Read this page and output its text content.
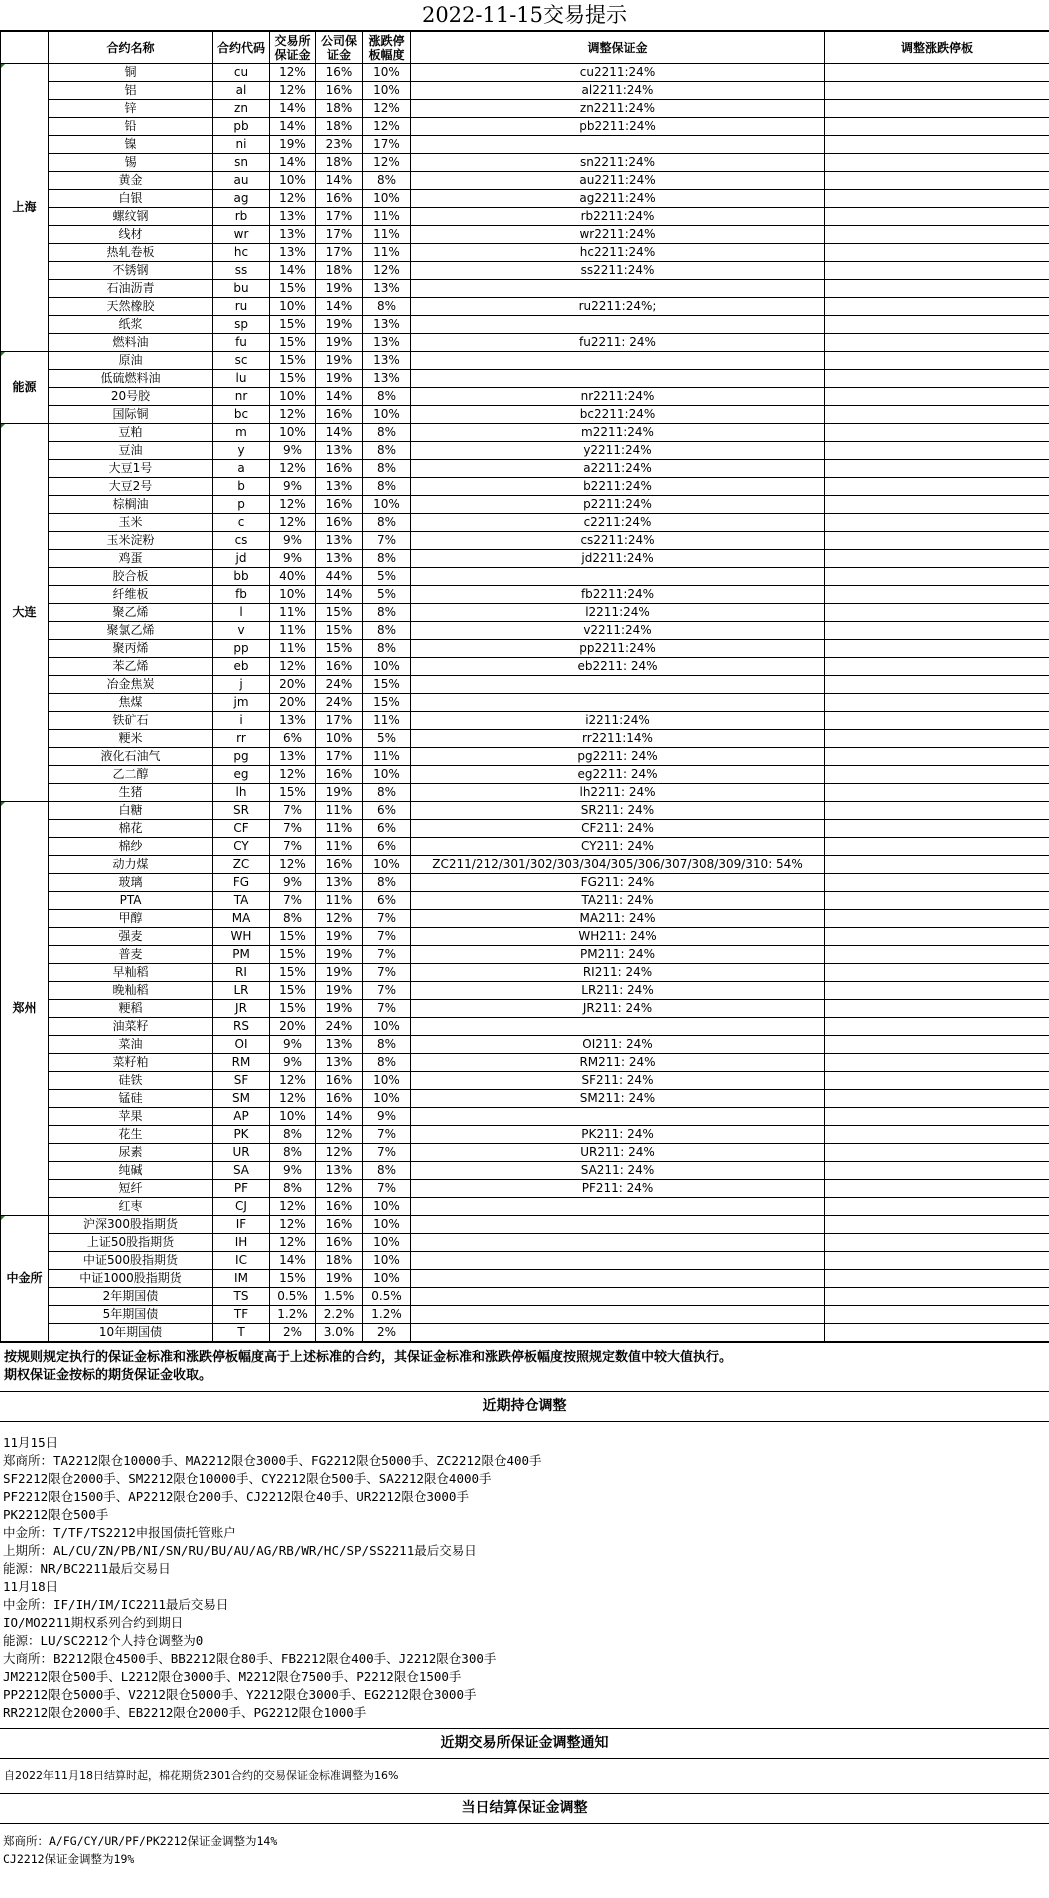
2022-11-15交易提示
	合约名称	合约代码	交易所保证金	公司保证金	涨跌停板幅度	调整保证金	调整涨跌停板
上海	铜	cu	12%	16%	10%	cu2211:24%	
	铝	al	12%	16%	10%	al2211:24%	
	锌	zn	14%	18%	12%	zn2211:24%	
	铅	pb	14%	18%	12%	pb2211:24%	
	镍	ni	19%	23%	17%		
	锡	sn	14%	18%	12%	sn2211:24%	
	黄金	au	10%	14%	8%	au2211:24%	
	白银	ag	12%	16%	10%	ag2211:24%	
	螺纹钢	rb	13%	17%	11%	rb2211:24%	
	线材	wr	13%	17%	11%	wr2211:24%	
	热轧卷板	hc	13%	17%	11%	hc2211:24%	
	不锈钢	ss	14%	18%	12%	ss2211:24%	
	石油沥青	bu	15%	19%	13%		
	天然橡胶	ru	10%	14%	8%	ru2211:24%;	
	纸浆	sp	15%	19%	13%		
	燃料油	fu	15%	19%	13%	fu2211: 24%	
能源	原油	sc	15%	19%	13%		
	低硫燃料油	lu	15%	19%	13%		
	20号胶	nr	10%	14%	8%	nr2211:24%	
	国际铜	bc	12%	16%	10%	bc2211:24%	
大连	豆粕	m	10%	14%	8%	m2211:24%	
	豆油	y	9%	13%	8%	y2211:24%	
	大豆1号	a	12%	16%	8%	a2211:24%	
	大豆2号	b	9%	13%	8%	b2211:24%	
	棕榈油	p	12%	16%	10%	p2211:24%	
	玉米	c	12%	16%	8%	c2211:24%	
	玉米淀粉	cs	9%	13%	7%	cs2211:24%	
	鸡蛋	jd	9%	13%	8%	jd2211:24%	
	胶合板	bb	40%	44%	5%		
	纤维板	fb	10%	14%	5%	fb2211:24%	
	聚乙烯	l	11%	15%	8%	l2211:24%	
	聚氯乙烯	v	11%	15%	8%	v2211:24%	
	聚丙烯	pp	11%	15%	8%	pp2211:24%	
	苯乙烯	eb	12%	16%	10%	eb2211: 24%	
	冶金焦炭	j	20%	24%	15%		
	焦煤	jm	20%	24%	15%		
	铁矿石	i	13%	17%	11%	i2211:24%	
	粳米	rr	6%	10%	5%	rr2211:14%	
	液化石油气	pg	13%	17%	11%	pg2211: 24%	
	乙二醇	eg	12%	16%	10%	eg2211: 24%	
	生猪	lh	15%	19%	8%	lh2211: 24%	
郑州	白糖	SR	7%	11%	6%	SR211: 24%	
	棉花	CF	7%	11%	6%	CF211: 24%	
	棉纱	CY	7%	11%	6%	CY211: 24%	
	动力煤	ZC	12%	16%	10%	ZC211/212/301/302/303/304/305/306/307/308/309/310: 54%	
	玻璃	FG	9%	13%	8%	FG211: 24%	
	PTA	TA	7%	11%	6%	TA211: 24%	
	甲醇	MA	8%	12%	7%	MA211: 24%	
	强麦	WH	15%	19%	7%	WH211: 24%	
	普麦	PM	15%	19%	7%	PM211: 24%	
	早籼稻	RI	15%	19%	7%	RI211: 24%	
	晚籼稻	LR	15%	19%	7%	LR211: 24%	
	粳稻	JR	15%	19%	7%	JR211: 24%	
	油菜籽	RS	20%	24%	10%		
	菜油	OI	9%	13%	8%	OI211: 24%	
	菜籽粕	RM	9%	13%	8%	RM211: 24%	
	硅铁	SF	12%	16%	10%	SF211: 24%	
	锰硅	SM	12%	16%	10%	SM211: 24%	
	苹果	AP	10%	14%	9%		
	花生	PK	8%	12%	7%	PK211: 24%	
	尿素	UR	8%	12%	7%	UR211: 24%	
	纯碱	SA	9%	13%	8%	SA211: 24%	
	短纤	PF	8%	12%	7%	PF211: 24%	
	红枣	CJ	12%	16%	10%		
中金所	沪深300股指期货	IF	12%	16%	10%		
	上证50股指期货	IH	12%	16%	10%		
	中证500股指期货	IC	14%	18%	10%		
	中证1000股指期货	IM	15%	19%	10%		
	2年期国债	TS	0.5%	1.5%	0.5%		
	5年期国债	TF	1.2%	2.2%	1.2%		
	10年期国债	T	2%	3.0%	2%		
按规则规定执行的保证金标准和涨跌停板幅度高于上述标准的合约，其保证金标准和涨跌停板幅度按照规定数值中较大值执行。
期权保证金按标的期货保证金收取。
近期持仓调整
11月15日
郑商所：TA2212限仓10000手、MA2212限仓3000手、FG2212限仓5000手、ZC2212限仓400手
SF2212限仓2000手、SM2212限仓10000手、CY2212限仓500手、SA2212限仓4000手
PF2212限仓1500手、AP2212限仓200手、CJ2212限仓40手、UR2212限仓3000手
PK2212限仓500手
中金所：T/TF/TS2212申报国债托管账户
上期所：AL/CU/ZN/PB/NI/SN/RU/BU/AU/AG/RB/WR/HC/SP/SS2211最后交易日
能源：NR/BC2211最后交易日
11月18日
中金所：IF/IH/IM/IC2211最后交易日
IO/MO2211期权系列合约到期日
能源：LU/SC2212个人持仓调整为0
大商所：B2212限仓4500手、BB2212限仓80手、FB2212限仓400手、J2212限仓300手
JM2212限仓500手、L2212限仓3000手、M2212限仓7500手、P2212限仓1500手
PP2212限仓5000手、V2212限仓5000手、Y2212限仓3000手、EG2212限仓3000手
RR2212限仓2000手、EB2212限仓2000手、PG2212限仓1000手
近期交易所保证金调整通知
自2022年11月18日结算时起，棉花期货2301合约的交易保证金标准调整为16%
当日结算保证金调整
郑商所：A/FG/CY/UR/PF/PK2212保证金调整为14%
CJ2212保证金调整为19%
